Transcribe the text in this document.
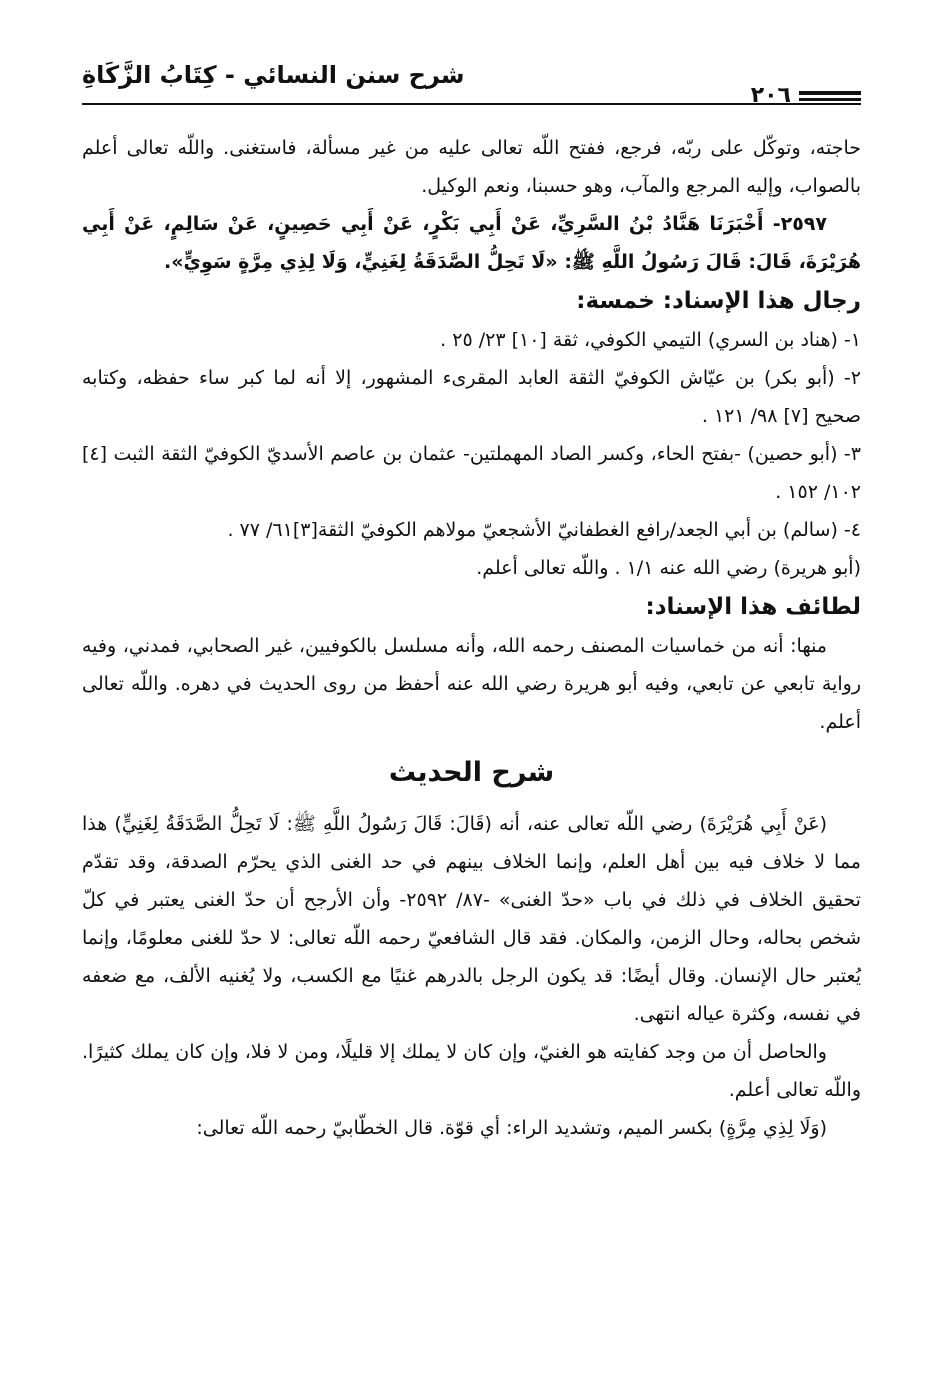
شرح سنن النسائي - كِتَابُ الزَّكَاةِ
٢٠٦

حاجته، وتوكّل على ربّه، فرجع، ففتح اللّه تعالى عليه من غير مسألة، فاستغنى. واللّه تعالى أعلم بالصواب، وإليه المرجع والمآب، وهو حسبنا، ونعم الوكيل.

٢٥٩٧- أَخْبَرَنَا هَنَّادُ بْنُ السَّرِيِّ، عَنْ أَبِي بَكْرٍ، عَنْ أَبِي حَصِينٍ، عَنْ سَالِمٍ، عَنْ أَبِي هُرَيْرَةَ، قَالَ: قَالَ رَسُولُ اللَّهِ ﷺ: «لَا تَحِلُّ الصَّدَقَةُ لِغَنِيٍّ، وَلَا لِذِي مِرَّةٍ سَوِيٍّ».

رجال هذا الإسناد: خمسة:

١- (هناد بن السري) التيمي الكوفي، ثقة [١٠] ٢٣/ ٢٥ .

٢- (أبو بكر) بن عيّاش الكوفيّ الثقة العابد المقرىء المشهور، إلا أنه لما كبر ساء حفظه، وكتابه صحيح [٧] ٩٨/ ١٢١ .

٣- (أبو حصين) -بفتح الحاء، وكسر الصاد المهملتين- عثمان بن عاصم الأسديّ الكوفيّ الثقة الثبت [٤] ١٠٢/ ١٥٢ .

٤- (سالم) بن أبي الجعد/رافع الغطفانيّ الأشجعيّ مولاهم الكوفيّ الثقة[٣]٦١/ ٧٧ .

(أبو هريرة) رضي الله عنه ١/١ . واللّه تعالى أعلم.

لطائف هذا الإسناد:

منها: أنه من خماسيات المصنف رحمه الله، وأنه مسلسل بالكوفيين، غير الصحابي، فمدني، وفيه رواية تابعي عن تابعي، وفيه أبو هريرة رضي الله عنه أحفظ من روى الحديث في دهره. واللّه تعالى أعلم.

شرح الحديث

(عَنْ أَبِي هُرَيْرَةَ) رضي اللّه تعالى عنه، أنه (قَالَ: قَالَ رَسُولُ اللَّهِ ﷺ: لَا تَحِلُّ الصَّدَقَةُ لِغَنِيٍّ) هذا مما لا خلاف فيه بين أهل العلم، وإنما الخلاف بينهم في حد الغنى الذي يحرّم الصدقة، وقد تقدّم تحقيق الخلاف في ذلك في باب «حدّ الغنى» -٨٧/ ٢٥٩٢- وأن الأرجح أن حدّ الغنى يعتبر في كلّ شخص بحاله، وحال الزمن، والمكان. فقد قال الشافعيّ رحمه اللّه تعالى: لا حدّ للغنى معلومًا، وإنما يُعتبر حال الإنسان. وقال أيضًا: قد يكون الرجل بالدرهم غنيًا مع الكسب، ولا يُغنيه الألف، مع ضعفه في نفسه، وكثرة عياله انتهى.

والحاصل أن من وجد كفايته هو الغنيّ، وإن كان لا يملك إلا قليلًا، ومن لا فلا، وإن كان يملك كثيرًا. واللّه تعالى أعلم.

(وَلَا لِذِي مِرَّةٍ) بكسر الميم، وتشديد الراء: أي قوّة. قال الخطّابيّ رحمه اللّه تعالى:
